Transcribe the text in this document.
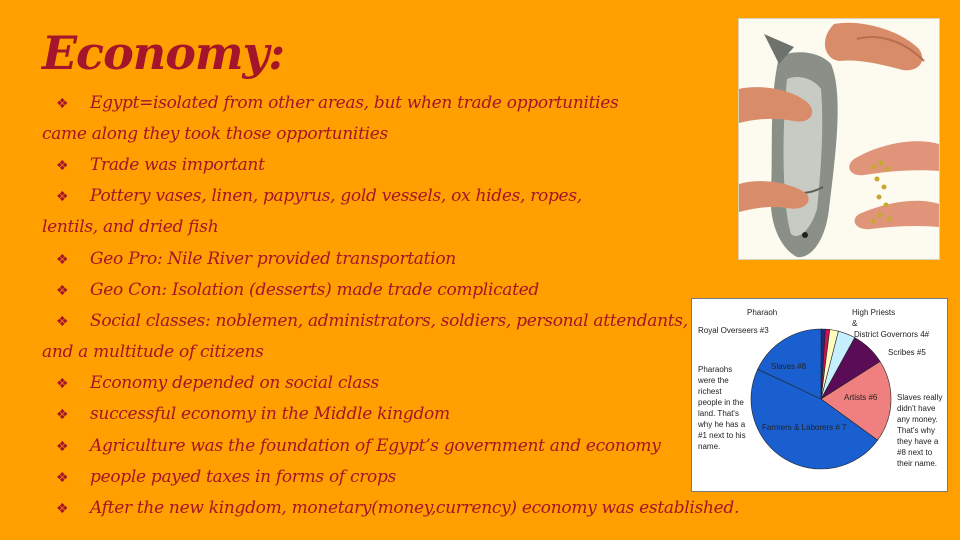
Economy:
❖ Egypt=isolated from other areas, but when trade opportunities
came along they took those opportunities
❖ Trade was important
❖ Pottery vases, linen, papyrus, gold vessels, ox hides, ropes,
lentils, and dried fish
❖ Geo Pro: Nile River provided transportation
❖ Geo Con: Isolation (desserts) made trade complicated
❖ Social classes: noblemen, administrators, soldiers, personal attendants,
and a multitude of citizens
❖ Economy depended on social class
❖ successful economy in the Middle kingdom
❖ Agriculture was the foundation of Egypt’s government and economy
❖ people payed taxes in forms of crops
❖ After the new kingdom, monetary(money,currency) economy was established.
Pharaoh	High Priests
Royal Overseers #3	District Governors 4#
Scribes #5
Artists #6
Farmers & Laborers # 7
Slaves #8
&
Pharaohs
were the
richest
people in the
land. That's
why he has a
#1 next to his
name.
Slaves really
didn't have
any money.
That's why
they have a
#8 next to
their name.
